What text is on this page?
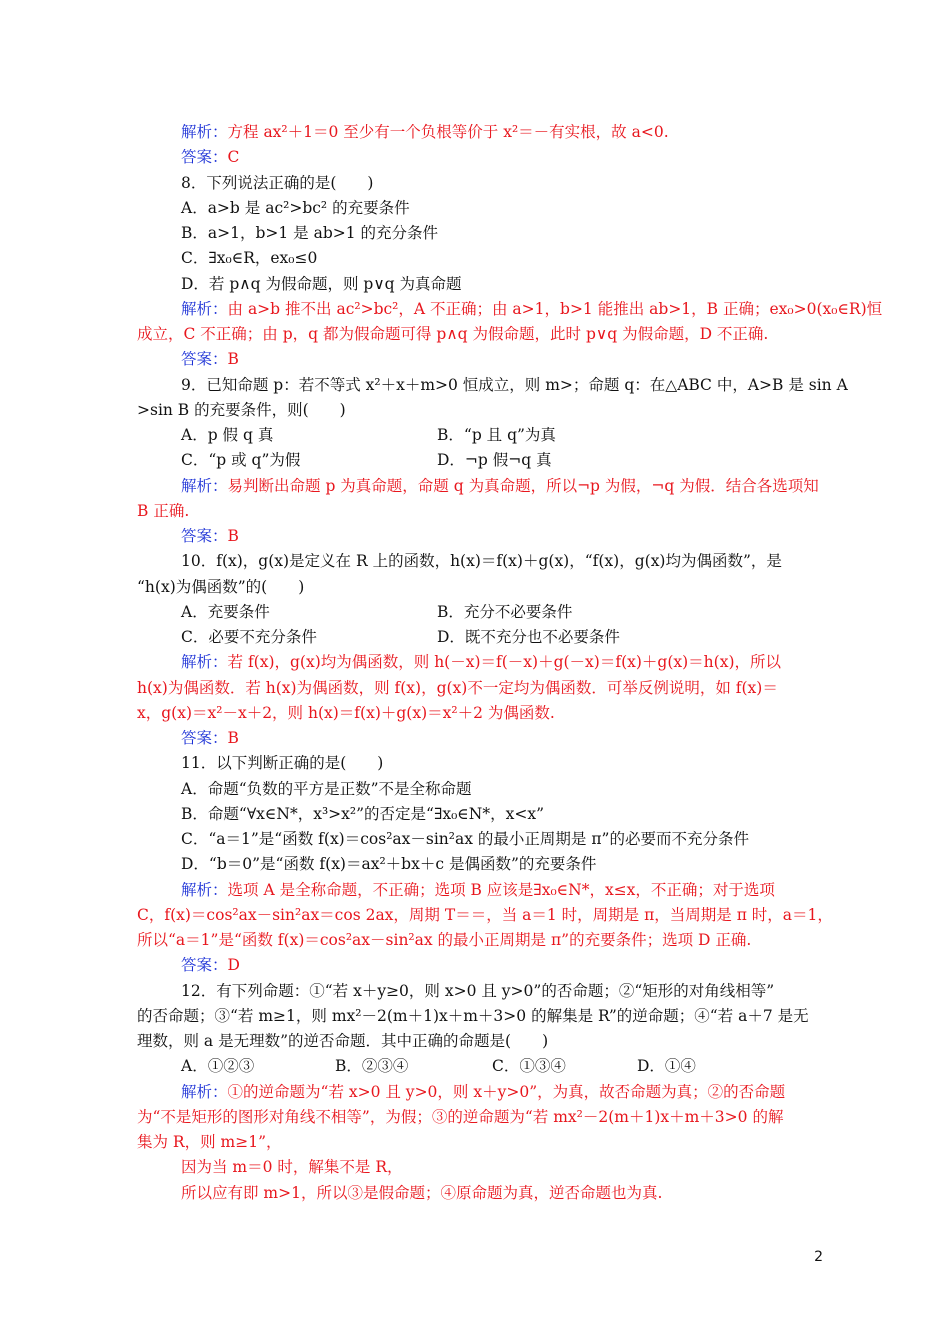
解析：方程 ax²＋1＝0 至少有一个负根等价于 x²＝－有实根，故 a<0.
答案：C
8．下列说法正确的是(　　)
A．a>b 是 ac²>bc² 的充要条件
B．a>1，b>1 是 ab>1 的充分条件
C．∃x₀∈R，ex₀≤0
D．若 p∧q 为假命题，则 p∨q 为真命题
解析：由 a>b 推不出 ac²>bc²，A 不正确；由 a>1，b>1 能推出 ab>1，B 正确；ex₀>0(x₀∈R)恒
成立，C 不正确；由 p，q 都为假命题可得 p∧q 为假命题，此时 p∨q 为假命题，D 不正确.
答案：B
9．已知命题 p：若不等式 x²＋x＋m>0 恒成立，则 m>；命题 q：在△ABC 中，A>B 是 sin A
>sin B 的充要条件，则(　　)
A．p 假 q 真	B．“p 且 q”为真
C．“p 或 q”为假	D．¬p 假¬q 真
解析：易判断出命题 p 为真命题，命题 q 为真命题，所以¬p 为假，¬q 为假．结合各选项知
B 正确.
答案：B
10．f(x)，g(x)是定义在 R 上的函数，h(x)＝f(x)＋g(x)，“f(x)，g(x)均为偶函数”，是
“h(x)为偶函数”的(　　)
A．充要条件	B．充分不必要条件
C．必要不充分条件	D．既不充分也不必要条件
解析：若 f(x)，g(x)均为偶函数，则 h(－x)＝f(－x)＋g(－x)＝f(x)＋g(x)＝h(x)，所以
h(x)为偶函数．若 h(x)为偶函数，则 f(x)，g(x)不一定均为偶函数．可举反例说明，如 f(x)＝
x，g(x)＝x²－x＋2，则 h(x)＝f(x)＋g(x)＝x²＋2 为偶函数.
答案：B
11．以下判断正确的是(　　)
A．命题“负数的平方是正数”不是全称命题
B．命题“∀x∈N*，x³>x²”的否定是“∃x₀∈N*，x<x”
C．“a＝1”是“函数 f(x)＝cos²ax－sin²ax 的最小正周期是 π”的必要而不充分条件
D．“b＝0”是“函数 f(x)＝ax²＋bx＋c 是偶函数”的充要条件
解析：选项 A 是全称命题，不正确；选项 B 应该是∃x₀∈N*，x≤x，不正确；对于选项
C，f(x)＝cos²ax－sin²ax＝cos 2ax，周期 T＝＝，当 a＝1 时，周期是 π，当周期是 π 时，a＝1，
所以“a＝1”是“函数 f(x)＝cos²ax－sin²ax 的最小正周期是 π”的充要条件；选项 D 正确.
答案：D
12．有下列命题：①“若 x＋y≥0，则 x>0 且 y>0”的否命题；②“矩形的对角线相等”
的否命题；③“若 m≥1，则 mx²－2(m＋1)x＋m＋3>0 的解集是 R”的逆命题；④“若 a＋7 是无
理数，则 a 是无理数”的逆否命题．其中正确的命题是(　　)
A．①②③	B．②③④	C．①③④	D．①④
解析：①的逆命题为“若 x>0 且 y>0，则 x＋y>0”，为真，故否命题为真；②的否命题
为“不是矩形的图形对角线不相等”，为假；③的逆命题为“若 mx²－2(m＋1)x＋m＋3>0 的解
集为 R，则 m≥1”，
因为当 m＝0 时，解集不是 R，
所以应有即 m>1，所以③是假命题；④原命题为真，逆否命题也为真.
2
